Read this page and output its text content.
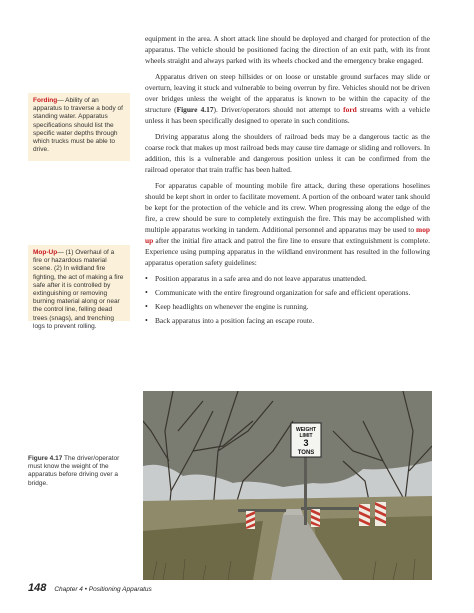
equipment in the area. A short attack line should be deployed and charged for protection of the apparatus. The vehicle should be positioned facing the direction of an exit path, with its front wheels straight and always parked with its wheels chocked and the emergency brake engaged.

Apparatus driven on steep hillsides or on loose or unstable ground surfaces may slide or overturn, leaving it stuck and vulnerable to being overrun by fire. Vehicles should not be driven over bridges unless the weight of the apparatus is known to be within the capacity of the structure (Figure 4.17). Driver/operators should not attempt to ford streams with a vehicle unless it has been specifically designed to operate in such conditions.

Driving apparatus along the shoulders of railroad beds may be a dangerous tactic as the coarse rock that makes up most railroad beds may cause tire damage or sliding and rollovers. In addition, this is a vulnerable and dangerous position unless it can be confirmed from the railroad operator that train traffic has been halted.

For apparatus capable of mounting mobile fire attack, during these operations hoselines should be kept short in order to facilitate movement. A portion of the onboard water tank should be kept for the protection of the vehicle and its crew. When progressing along the edge of the fire, a crew should be sure to completely extinguish the fire. This may be accomplished with multiple apparatus working in tandem. Additional personnel and apparatus may be used to mop up after the initial fire attack and patrol the fire line to ensure that extinguishment is complete. Experience using pumping apparatus in the wildland environment has resulted in the following apparatus operation safety guidelines:

• Position apparatus in a safe area and do not leave apparatus unattended.
• Communicate with the entire fireground organization for safe and efficient operations.
• Keep headlights on whenever the engine is running.
• Back apparatus into a position facing an escape route.
Fording— Ability of an apparatus to traverse a body of standing water. Apparatus specifications should list the specific water depths through which trucks must be able to drive.
Mop-Up— (1) Overhaul of a fire or hazardous material scene. (2) In wildland fire fighting, the act of making a fire safe after it is controlled by extinguishing or removing burning material along or near the control line, felling dead trees (snags), and trenching logs to prevent rolling.
Figure 4.17 The driver/operator must know the weight of the apparatus before driving over a bridge.
WEIGHT
LIMIT
3
TONS
148 Chapter 4 • Positioning Apparatus
